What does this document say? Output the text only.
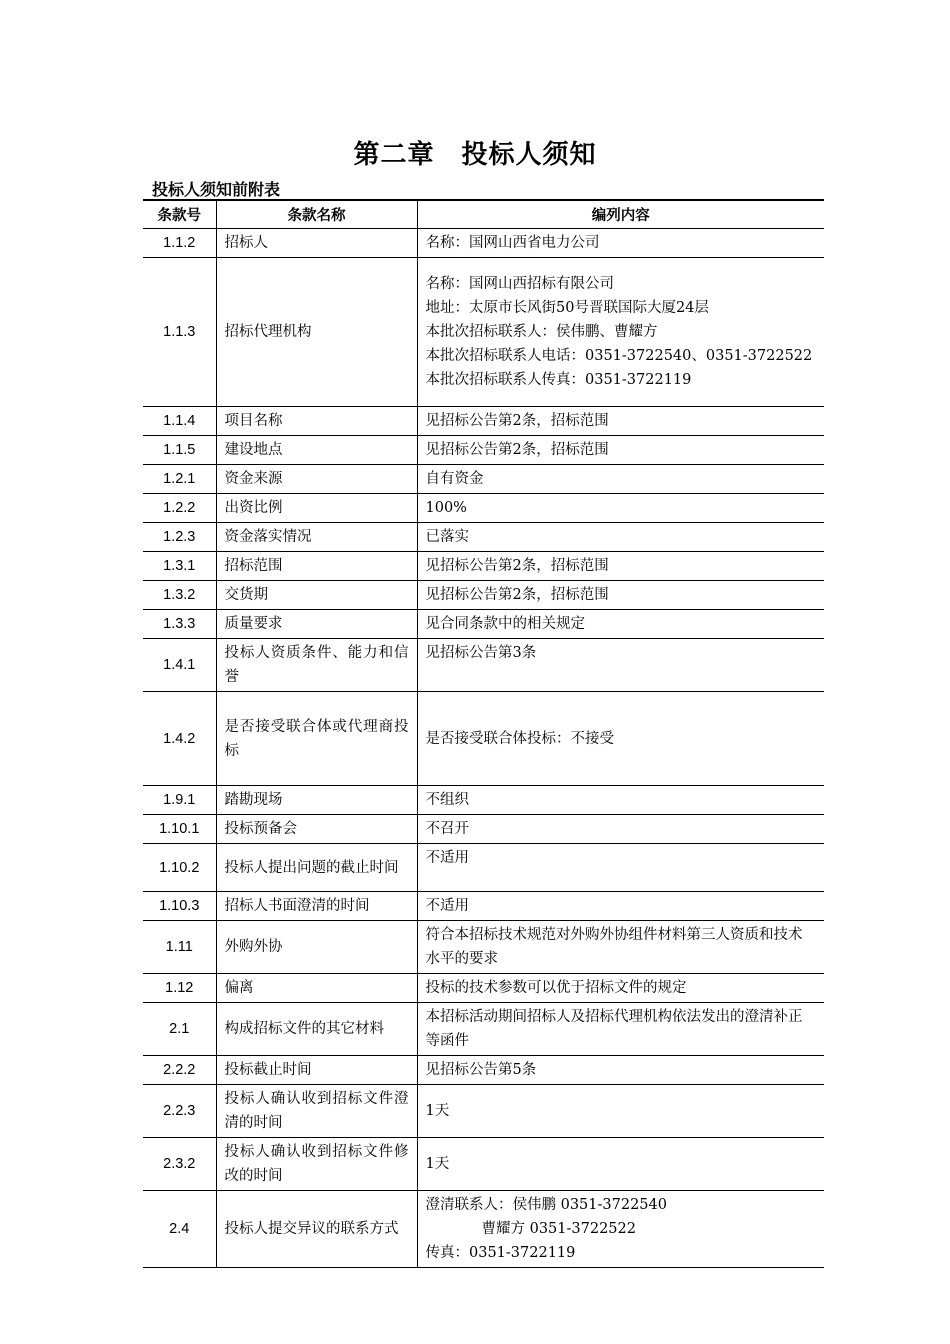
第二章　投标人须知
投标人须知前附表
条款号	条款名称	编列内容
1.1.2	招标人	名称：国网山西省电力公司

1.1.3	招标代理机构	名称：国网山西招标有限公司
地址：太原市长风街50号晋联国际大厦24层
本批次招标联系人：侯伟鹏、曹耀方
本批次招标联系人电话：0351-3722540、0351-3722522
本批次招标联系人传真：0351-3722119

1.1.4	项目名称	见招标公告第2条，招标范围

1.1.5	建设地点	见招标公告第2条，招标范围

1.2.1	资金来源	自有资金

1.2.2	出资比例	100%

1.2.3	资金落实情况	已落实

1.3.1	招标范围	见招标公告第2条，招标范围

1.3.2	交货期	见招标公告第2条，招标范围

1.3.3	质量要求	见合同条款中的相关规定

1.4.1	投标人资质条件、能力和信誉	见招标公告第3条

1.4.2	是否接受联合体或代理商投标	是否接受联合体投标：不接受

1.9.1	踏勘现场	不组织

1.10.1	投标预备会	不召开

1.10.2	投标人提出问题的截止时间	不适用

1.10.3	招标人书面澄清的时间	不适用

1.11	外购外协	符合本招标技术规范对外购外协组件材料第三人资质和技术水平的要求

1.12	偏离	投标的技术参数可以优于招标文件的规定

2.1	构成招标文件的其它材料	本招标活动期间招标人及招标代理机构依法发出的澄清补正等函件

2.2.2	投标截止时间	见招标公告第5条

2.2.3	投标人确认收到招标文件澄清的时间	1天

2.3.2	投标人确认收到招标文件修改的时间	1天

2.4	投标人提交异议的联系方式	澄清联系人：侯伟鹏 0351-3722540
曹耀方 0351-3722522
传真：0351-3722119
